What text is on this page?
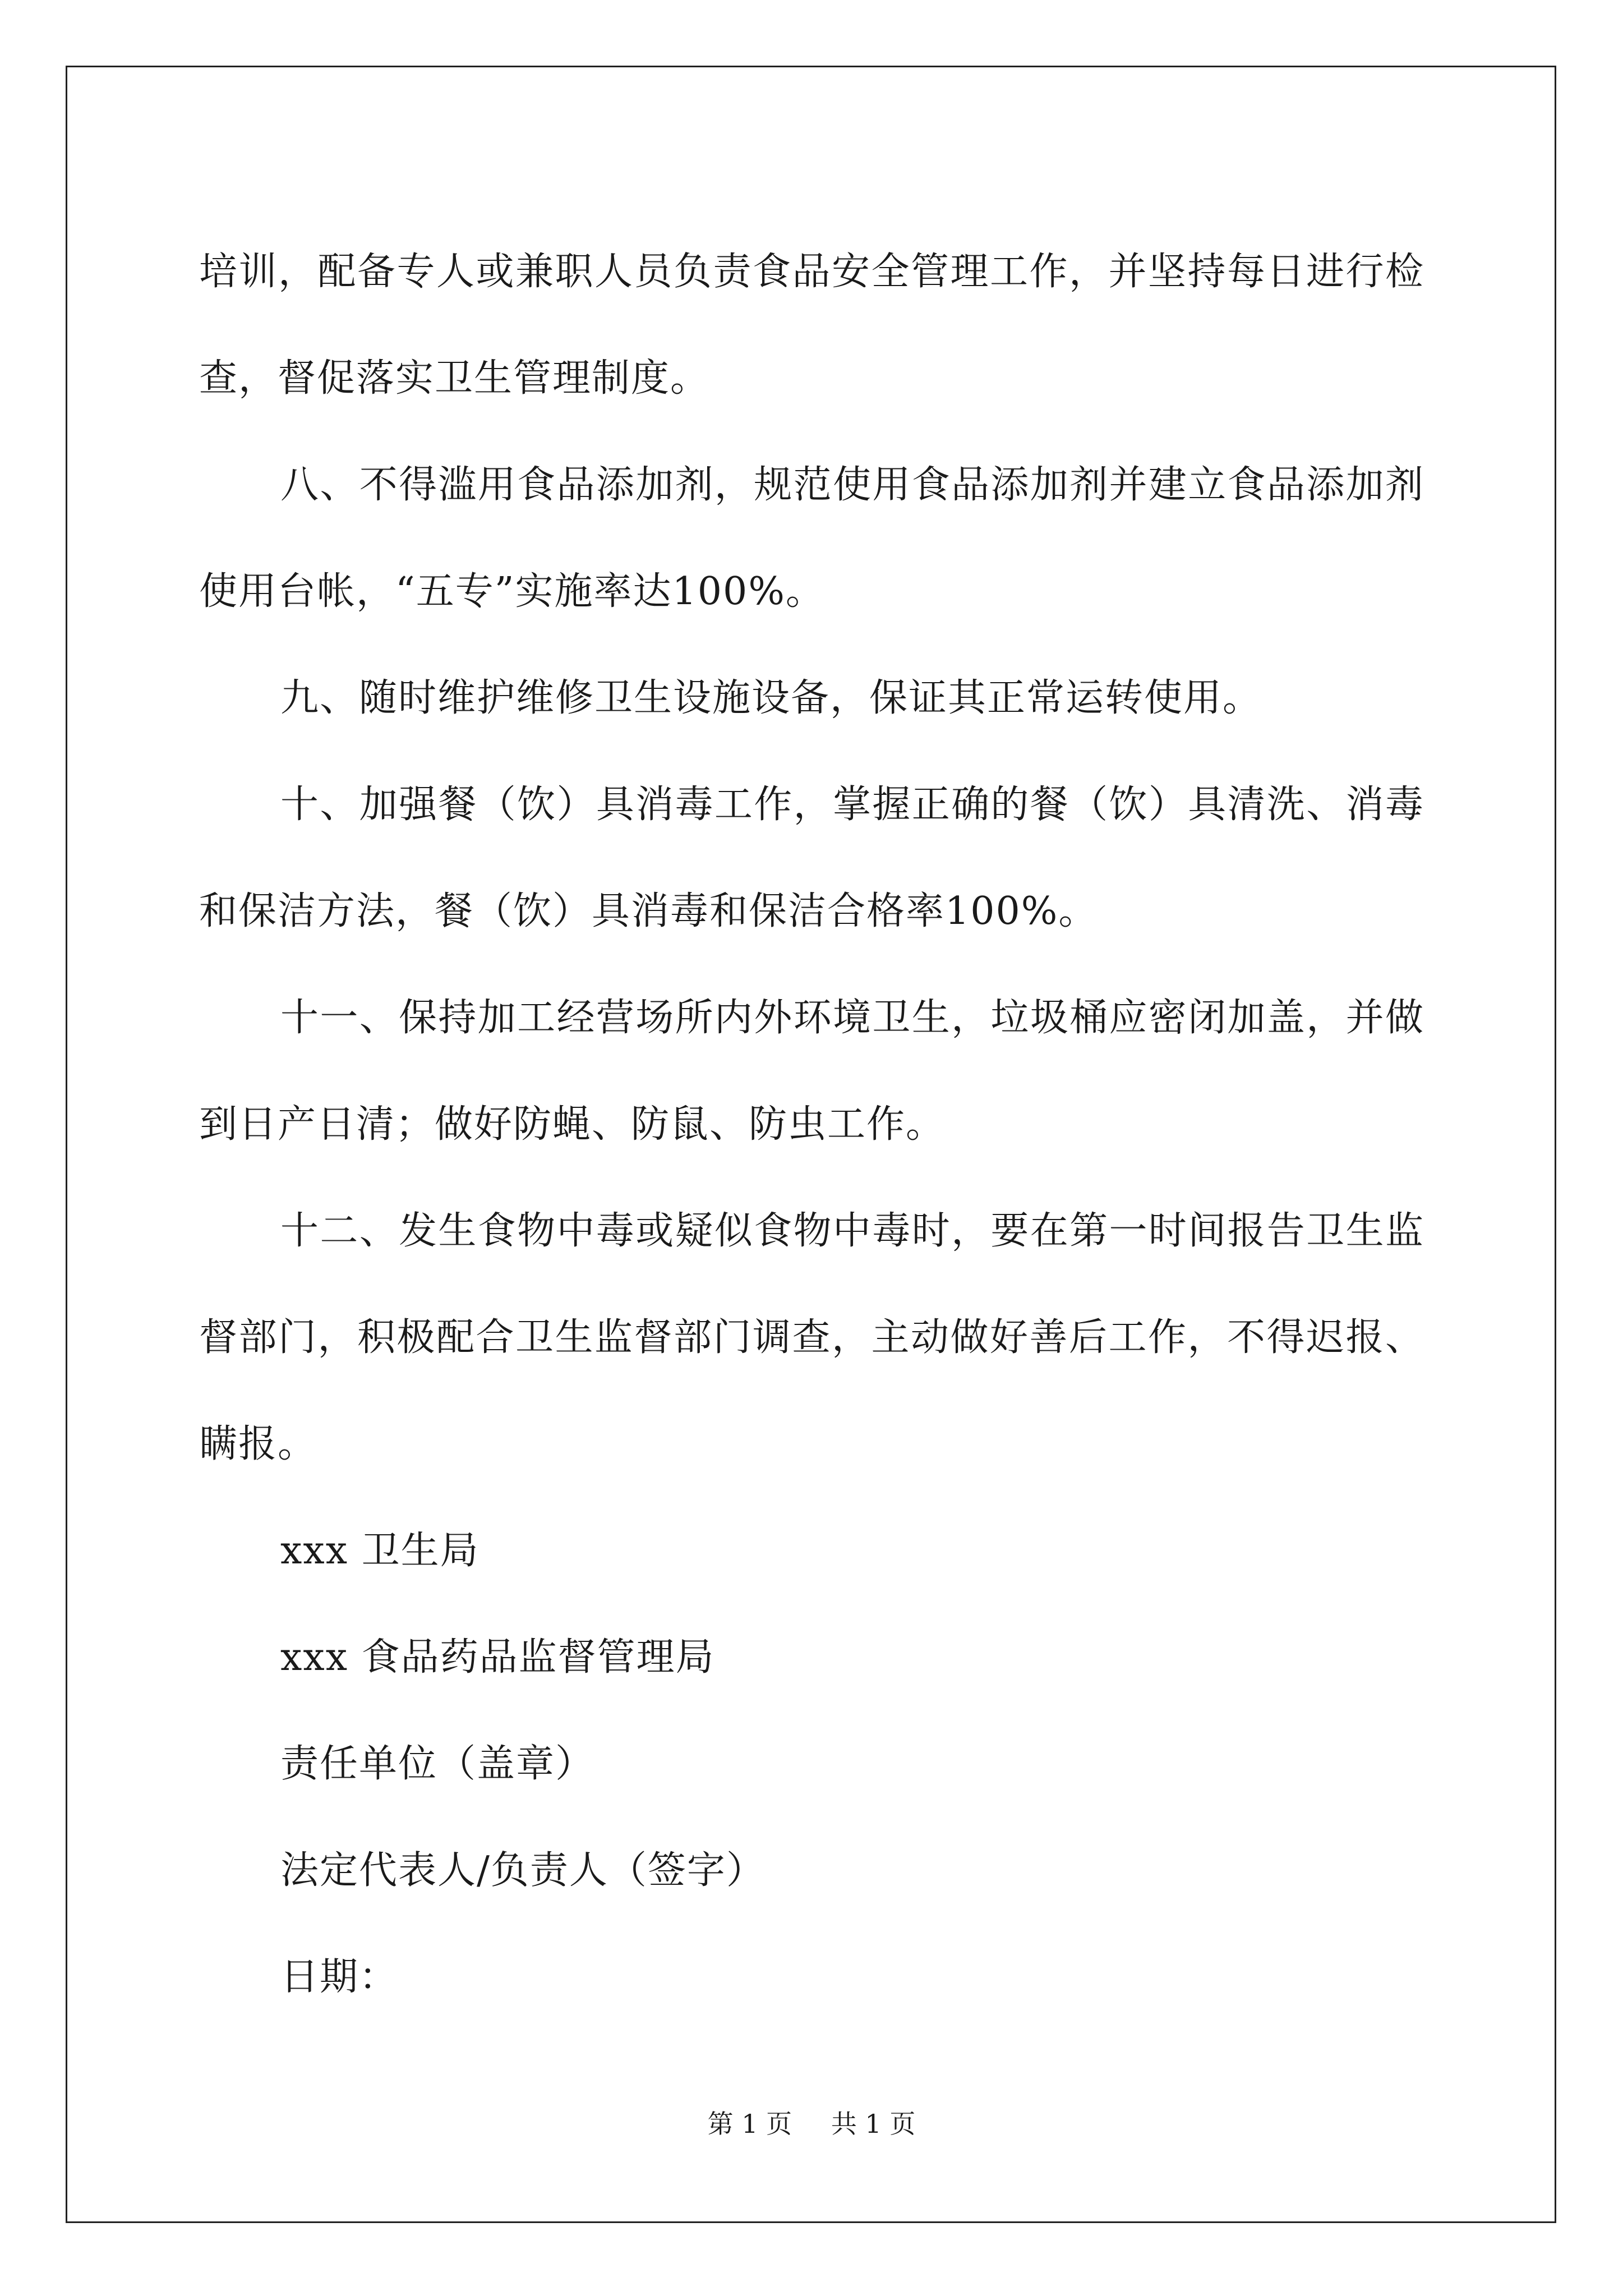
培训，配备专人或兼职人员负责食品安全管理工作，并坚持每日进行检查，督促落实卫生管理制度。

八、不得滥用食品添加剂，规范使用食品添加剂并建立食品添加剂使用台帐，“五专”实施率达100%。

九、随时维护维修卫生设施设备，保证其正常运转使用。

十、加强餐（饮）具消毒工作，掌握正确的餐（饮）具清洗、消毒和保洁方法，餐（饮）具消毒和保洁合格率100%。

十一、保持加工经营场所内外环境卫生，垃圾桶应密闭加盖，并做到日产日清；做好防蝇、防鼠、防虫工作。

十二、发生食物中毒或疑似食物中毒时，要在第一时间报告卫生监督部门，积极配合卫生监督部门调查，主动做好善后工作，不得迟报、瞒报。

xxx 卫生局

xxx 食品药品监督管理局

责任单位（盖章）

法定代表人/负责人（签字）

日期：

第 1 页 共 1 页
